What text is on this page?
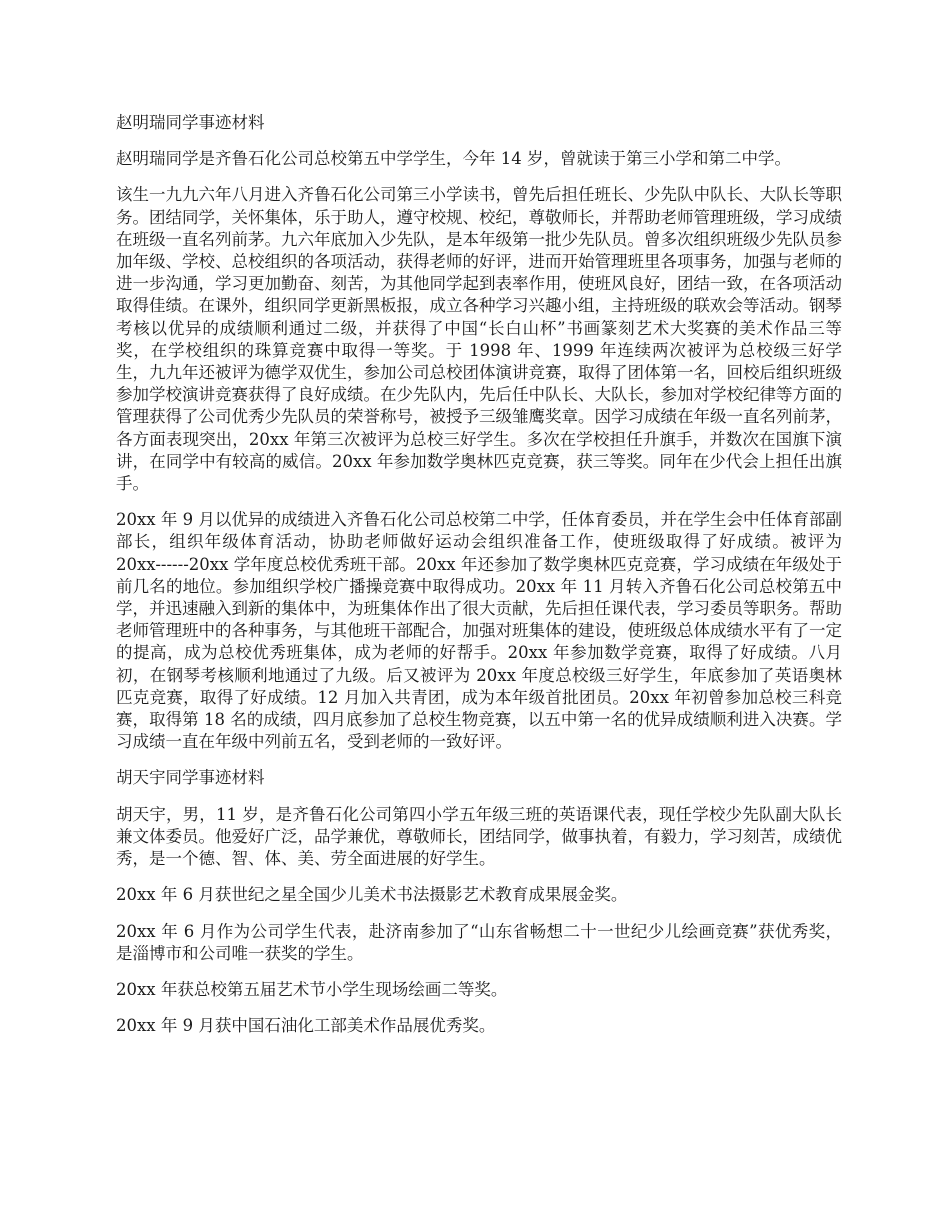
赵明瑞同学事迹材料

赵明瑞同学是齐鲁石化公司总校第五中学学生，今年 14 岁，曾就读于第三小学和第二中学。

该生一九九六年八月进入齐鲁石化公司第三小学读书，曾先后担任班长、少先队中队长、大队长等职务。团结同学，关怀集体，乐于助人，遵守校规、校纪，尊敬师长，并帮助老师管理班级，学习成绩在班级一直名列前茅。九六年底加入少先队，是本年级第一批少先队员。曾多次组织班级少先队员参加年级、学校、总校组织的各项活动，获得老师的好评，进而开始管理班里各项事务，加强与老师的进一步沟通，学习更加勤奋、刻苦，为其他同学起到表率作用，使班风良好，团结一致，在各项活动取得佳绩。在课外，组织同学更新黑板报，成立各种学习兴趣小组，主持班级的联欢会等活动。钢琴考核以优异的成绩顺利通过二级，并获得了中国“长白山杯”书画篆刻艺术大奖赛的美术作品三等奖，在学校组织的珠算竞赛中取得一等奖。于 1998 年、1999 年连续两次被评为总校级三好学生，九九年还被评为德学双优生，参加公司总校团体演讲竞赛，取得了团体第一名，回校后组织班级参加学校演讲竞赛获得了良好成绩。在少先队内，先后任中队长、大队长，参加对学校纪律等方面的管理获得了公司优秀少先队员的荣誉称号，被授予三级雏鹰奖章。因学习成绩在年级一直名列前茅，各方面表现突出，20xx 年第三次被评为总校三好学生。多次在学校担任升旗手，并数次在国旗下演讲，在同学中有较高的威信。20xx 年参加数学奥林匹克竞赛，获三等奖。同年在少代会上担任出旗手。

20xx 年 9 月以优异的成绩进入齐鲁石化公司总校第二中学，任体育委员，并在学生会中任体育部副部长，组织年级体育活动，协助老师做好运动会组织准备工作，使班级取得了好成绩。被评为 20xx------20xx 学年度总校优秀班干部。20xx 年还参加了数学奥林匹克竞赛，学习成绩在年级处于前几名的地位。参加组织学校广播操竞赛中取得成功。20xx 年 11 月转入齐鲁石化公司总校第五中学，并迅速融入到新的集体中，为班集体作出了很大贡献，先后担任课代表，学习委员等职务。帮助老师管理班中的各种事务，与其他班干部配合，加强对班集体的建设，使班级总体成绩水平有了一定的提高，成为总校优秀班集体，成为老师的好帮手。20xx 年参加数学竞赛，取得了好成绩。八月初，在钢琴考核顺利地通过了九级。后又被评为 20xx 年度总校级三好学生，年底参加了英语奥林匹克竞赛，取得了好成绩。12 月加入共青团，成为本年级首批团员。20xx 年初曾参加总校三科竞赛，取得第 18 名的成绩，四月底参加了总校生物竞赛，以五中第一名的优异成绩顺利进入决赛。学习成绩一直在年级中列前五名，受到老师的一致好评。

胡天宇同学事迹材料

胡天宇，男，11 岁，是齐鲁石化公司第四小学五年级三班的英语课代表，现任学校少先队副大队长兼文体委员。他爱好广泛，品学兼优，尊敬师长，团结同学，做事执着，有毅力，学习刻苦，成绩优秀，是一个德、智、体、美、劳全面进展的好学生。

20xx 年 6 月获世纪之星全国少儿美术书法摄影艺术教育成果展金奖。

20xx 年 6 月作为公司学生代表，赴济南参加了“山东省畅想二十一世纪少儿绘画竞赛”获优秀奖，是淄博市和公司唯一获奖的学生。

20xx 年获总校第五届艺术节小学生现场绘画二等奖。

20xx 年 9 月获中国石油化工部美术作品展优秀奖。
